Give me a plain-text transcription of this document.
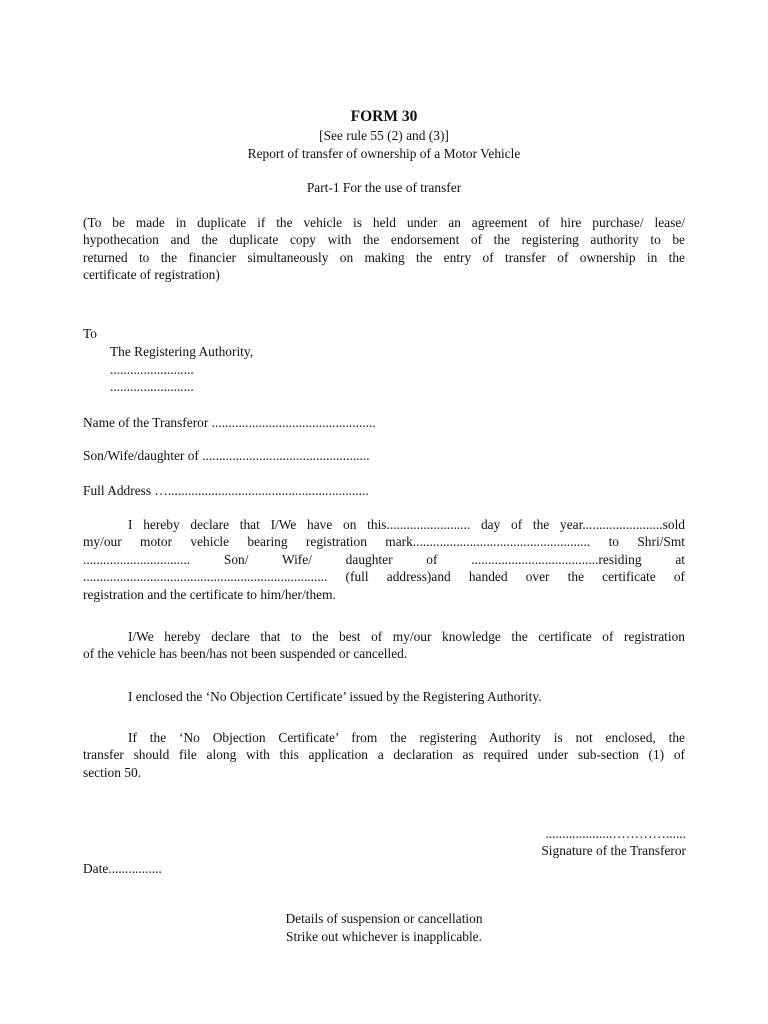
FORM 30
[See rule 55 (2) and (3)]
Report of transfer of ownership of a Motor Vehicle
Part-1 For the use of transfer
(To be made in duplicate if the vehicle is held under an agreement of hire purchase/ lease/
hypothecation and the duplicate copy with the endorsement of the registering authority to be
returned to the financier simultaneously on making the entry of transfer of ownership in the
certificate of registration)
To
The Registering Authority,
.........................
.........................
Name of the Transferor .................................................
Son/Wife/daughter of ..................................................
Full Address …............................................................
I hereby declare that I/We have on this......................... day of the year........................sold
my/our motor vehicle bearing registration mark..................................................... to Shri/Smt
................................ Son/ Wife/ daughter of ......................................residing at
......................................................................... (full address)and handed over the certificate of
registration and the certificate to him/her/them.
I/We hereby declare that to the best of my/our knowledge the certificate of registration
of the vehicle has been/has not been suspended or cancelled.
I enclosed the ‘No Objection Certificate’ issued by the Registering Authority.
If the ‘No Objection Certificate’ from the registering Authority is not enclosed, the
transfer should file along with this application a declaration as required under sub-section (1) of
section 50.
....................…………......
Signature of the Transferor
Date................
Details of suspension or cancellation
Strike out whichever is inapplicable.
